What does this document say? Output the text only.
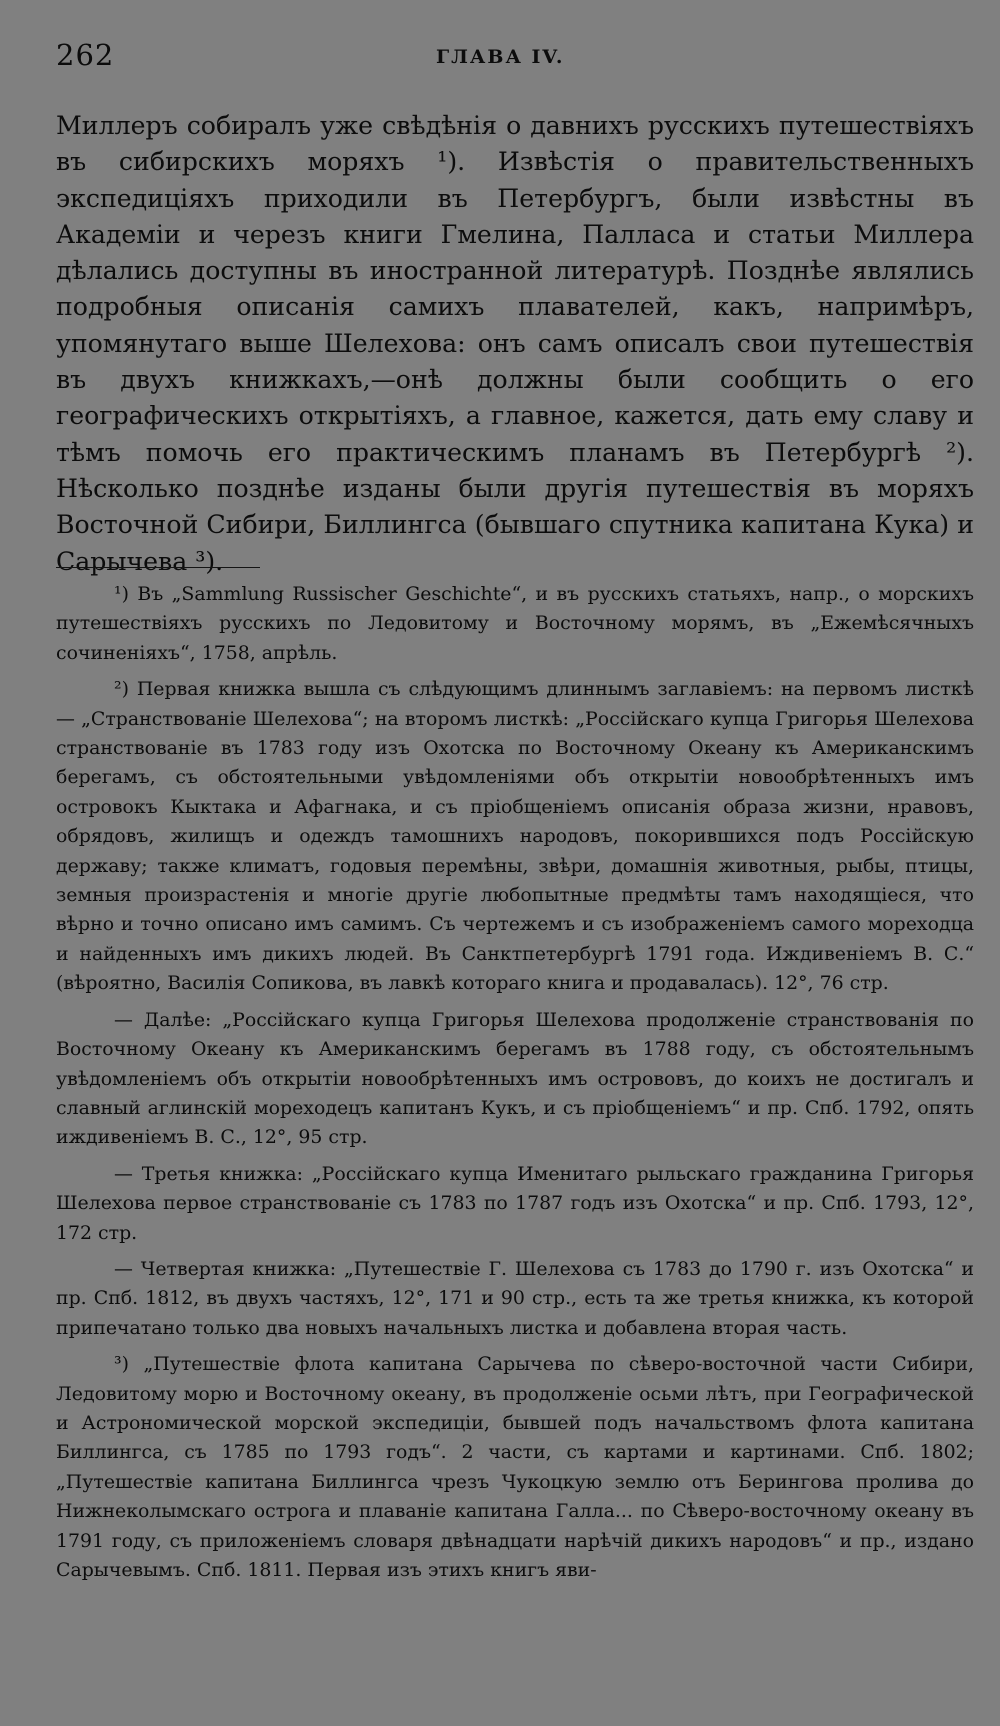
262	ГЛАВА IV.

Миллеръ собиралъ уже свѣдѣнія о давнихъ русскихъ путешествіяхъ въ сибирскихъ моряхъ ¹). Извѣстія о правительственныхъ экспедиціяхъ приходили въ Петербургъ, были извѣстны въ Академіи и черезъ книги Гмелина, Палласа и статьи Миллера дѣлались доступны въ иностранной литературѣ. Позднѣе являлись подробныя описанія самихъ плавателей, какъ, напримѣръ, упомянутаго выше Шелехова: онъ самъ описалъ свои путешествія въ двухъ книжкахъ,—онѣ должны были сообщить о его географическихъ открытіяхъ, а главное, кажется, дать ему славу и тѣмъ помочь его практическимъ планамъ въ Петербургѣ ²). Нѣсколько позднѣе изданы были другія путешествія въ моряхъ Восточной Сибири, Биллингса (бывшаго спутника капитана Кука) и Сарычева ³).

¹) Въ „Sammlung Russischer Geschichte“, и въ русскихъ статьяхъ, напр., о морскихъ путешествіяхъ русскихъ по Ледовитому и Восточному морямъ, въ „Ежемѣсячныхъ сочиненіяхъ“, 1758, апрѣль.

²) Первая книжка вышла съ слѣдующимъ длиннымъ заглавіемъ: на первомъ листкѣ — „Странствованіе Шелехова“; на второмъ листкѣ: „Россійскаго купца Григорья Шелехова странствованіе въ 1783 году изъ Охотска по Восточному Океану къ Американскимъ берегамъ, съ обстоятельными увѣдомленіями объ открытіи новообрѣтенныхъ имъ островокъ Кыктака и Афагнака, и съ пріобщеніемъ описанія образа жизни, нравовъ, обрядовъ, жилищъ и одеждъ тамошнихъ народовъ, покорившихся подъ Россійскую державу; также климатъ, годовыя перемѣны, звѣри, домашнія животныя, рыбы, птицы, земныя произрастенія и многіе другіе любопытные предмѣты тамъ находящіеся, что вѣрно и точно описано имъ самимъ. Съ чертежемъ и съ изображеніемъ самого мореходца и найденныхъ имъ дикихъ людей. Въ Санктпетербургѣ 1791 года. Иждивеніемъ В. С.“ (вѣроятно, Василія Сопикова, въ лавкѣ котораго книга и продавалась). 12°, 76 стр.

— Далѣе: „Россійскаго купца Григорья Шелехова продолженіе странствованія по Восточному Океану къ Американскимъ берегамъ въ 1788 году, съ обстоятельнымъ увѣдомленіемъ объ открытіи новообрѣтенныхъ имъ острововъ, до коихъ не достигалъ и славный аглинскій мореходецъ капитанъ Кукъ, и съ пріобщеніемъ“ и пр. Спб. 1792, опять иждивеніемъ В. С., 12°, 95 стр.

— Третья книжка: „Россійскаго купца Именитаго рыльскаго гражданина Григорья Шелехова первое странствованіе съ 1783 по 1787 годъ изъ Охотска“ и пр. Спб. 1793, 12°, 172 стр.

— Четвертая книжка: „Путешествіе Г. Шелехова съ 1783 до 1790 г. изъ Охотска“ и пр. Спб. 1812, въ двухъ частяхъ, 12°, 171 и 90 стр., есть та же третья книжка, къ которой припечатано только два новыхъ начальныхъ листка и добавлена вторая часть.

³) „Путешествіе флота капитана Сарычева по сѣверо-восточной части Сибири, Ледовитому морю и Восточному океану, въ продолженіе осьми лѣтъ, при Географической и Астрономической морской экспедиціи, бывшей подъ начальствомъ флота капитана Биллингса, съ 1785 по 1793 годъ“. 2 части, съ картами и картинами. Спб. 1802; „Путешествіе капитана Биллингса чрезъ Чукоцкую землю отъ Берингова пролива до Нижнеколымскаго острога и плаваніе капитана Галла... по Сѣверо-восточному океану въ 1791 году, съ приложеніемъ словаря двѣнадцати нарѣчій дикихъ народовъ“ и пр., издано Сарычевымъ. Спб. 1811. Первая изъ этихъ книгъ яви-
